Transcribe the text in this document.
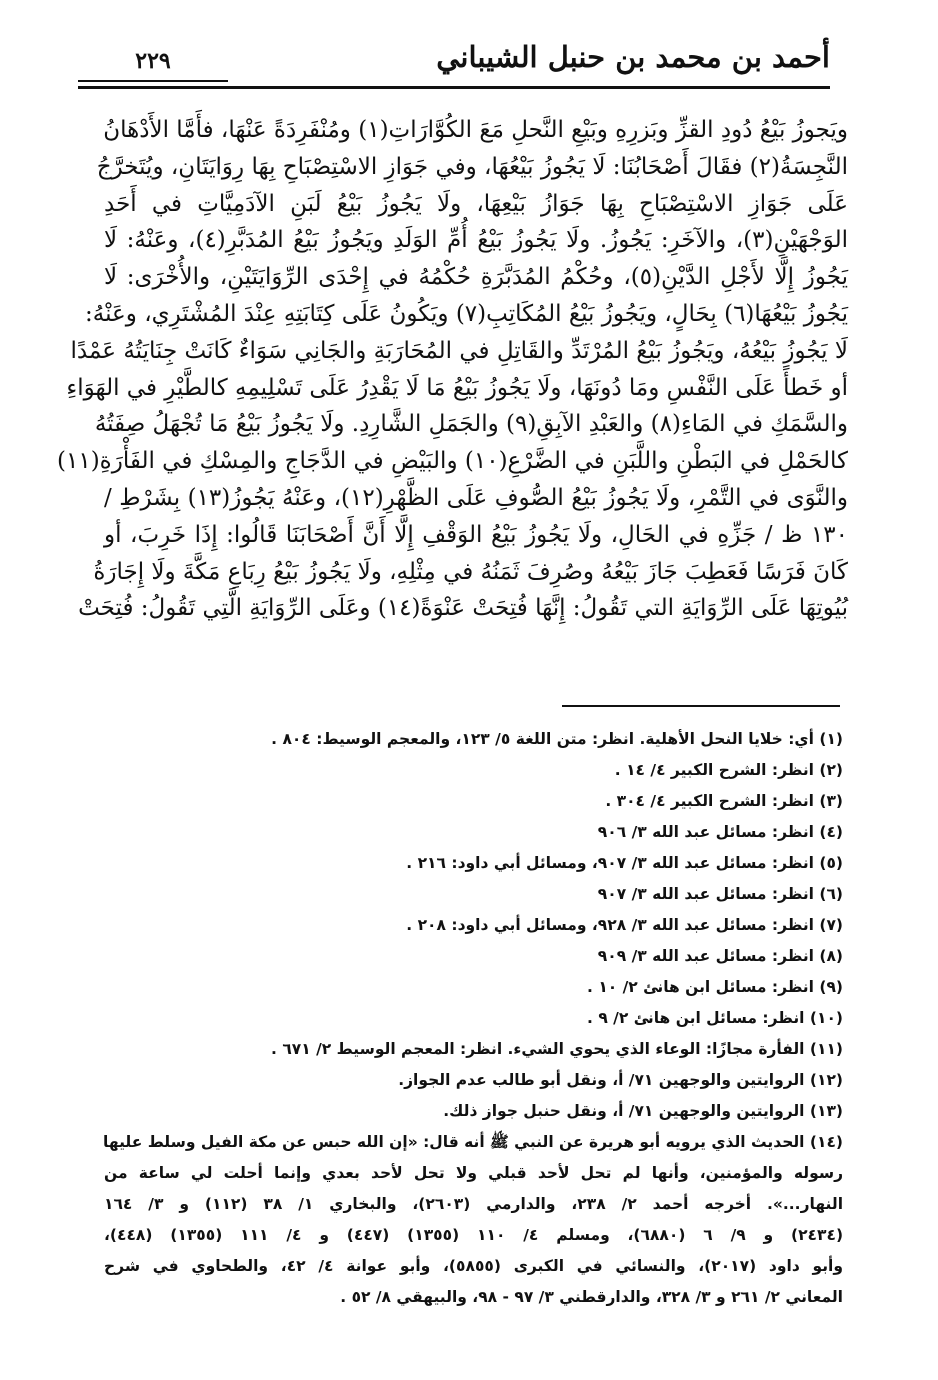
أحمد بن محمد بن حنبل الشيباني
٢٢٩

ويَجوزُ بَيْعُ دُودِ القزِّ وبَزرِهِ وبَيْعِ النَّحلِ مَعَ الكُوَّارَاتِ(١) ومُنْفَرِدَةً عَنْهَا، فأَمَّا الأَدْهَانُ

النَّجِسَةُ(٢) فقَالَ أَصْحَابُنَا: لَا يَجُوزُ بَيْعُهَا، وفي جَوَازِ الاسْتِصْبَاحِ بِهَا رِوَايَتَانِ، ويُتَخرَّجُ

عَلَى جَوَازِ الاسْتِصْبَاحِ بِهَا جَوَازُ بَيْعِهَا، ولَا يَجُوزُ بَيْعُ لَبَنِ الآدَمِيَّاتِ في أَحَدِ

الوَجْهَيْنِ(٣)، والآخَرِ: يَجُوزُ. ولَا يَجُوزُ بَيْعُ أُمِّ الوَلَدِ ويَجُوزُ بَيْعُ المُدَبَّرِ(٤)، وعَنْهُ: لَا

يَجُوزُ إِلَّا لأَجْلِ الدَّيْنِ(٥)، وحُكْمُ المُدَبَّرَةِ حُكْمُهُ في إِحْدَى الرِّوَايَتَيْنِ، والأُخْرَى: لَا

يَجُوزُ بَيْعُهَا(٦) بِحَالٍ، ويَجُوزُ بَيْعُ المُكَاتِبِ(٧) ويَكُونُ عَلَى كِتَابَتِهِ عِنْدَ المُشْتَرِي، وعَنْهُ:

لَا يَجُوزُ بَيْعُهُ، ويَجُوزُ بَيْعُ المُرْتَدِّ والقَاتِلِ في المُحَارَبَةِ والجَانِي سَوَاءٌ كَانَتْ جِنَايَتُهُ عَمْدًا

أو خَطأً عَلَى النَّفْسِ ومَا دُونَهَا، ولَا يَجُوزُ بَيْعُ مَا لَا يَقْدِرُ عَلَى تَسْلِيمِهِ كالطَّيْرِ في الهَوَاءِ

والسَّمَكِ في المَاءِ(٨) والعَبْدِ الآبِقِ(٩) والجَمَلِ الشَّارِدِ. ولَا يَجُوزُ بَيْعُ مَا تُجْهَلُ صِفَتُهُ

كالحَمْلِ في البَطْنِ واللَّبَنِ في الضَّرْعِ(١٠) والبَيْضِ في الدَّجَاجِ والمِسْكِ في الفَأْرَةِ(١١)

والنَّوَى في التَّمْرِ، ولَا يَجُوزُ بَيْعُ الصُّوفِ عَلَى الظَّهْرِ(١٢)، وعَنْهُ يَجُوزُ(١٣) بِشَرْطِ /

١٣٠ ظ / جَزِّهِ في الحَالِ، ولَا يَجُوزُ بَيْعُ الوَقْفِ إِلَّا أَنَّ أَصْحَابَنَا قَالُوا: إِذَا خَرِبَ، أو

كَانَ فَرَسًا فَعَطِبَ جَازَ بَيْعُهُ وصُرِفَ ثَمَنُهُ في مِثْلِهِ، ولَا يَجُوزُ بَيْعُ رِبَاعِ مَكَّةَ ولَا إِجَارَةُ

بُيُوتِهَا عَلَى الرِّوَايَةِ التي تَقُولُ: إِنَّهَا فُتِحَتْ عَنْوَةً(١٤) وعَلَى الرِّوَايَةِ الَّتِي تَقُولُ: فُتِحَتْ

(١) أي: خلايا النحل الأهلية. انظر: متن اللغة ٥/ ١٢٣، والمعجم الوسيط: ٨٠٤ .

(٢) انظر: الشرح الكبير ٤/ ١٤ .

(٣) انظر: الشرح الكبير ٤/ ٣٠٤ .

(٤) انظر: مسائل عبد الله ٣/ ٩٠٦

(٥) انظر: مسائل عبد الله ٣/ ٩٠٧، ومسائل أبي داود: ٢١٦ .

(٦) انظر: مسائل عبد الله ٣/ ٩٠٧

(٧) انظر: مسائل عبد الله ٣/ ٩٢٨، ومسائل أبي داود: ٢٠٨ .

(٨) انظر: مسائل عبد الله ٣/ ٩٠٩

(٩) انظر: مسائل ابن هانئ ٢/ ١٠ .

(١٠) انظر: مسائل ابن هانئ ٢/ ٩ .

(١١) الفأرة مجازًا: الوعاء الذي يحوي الشيء. انظر: المعجم الوسيط ٢/ ٦٧١ .

(١٢) الروايتين والوجهين ٧١/ أ، ونقل أبو طالب عدم الجواز.

(١٣) الروايتين والوجهين ٧١/ أ، ونقل حنبل جواز ذلك.

(١٤) الحديث الذي يرويه أبو هريرة عن النبي ﷺ أنه قال: «إن الله حبس عن مكة الفيل وسلط عليها
رسوله والمؤمنين، وأنها لم تحل لأحد قبلي ولا تحل لأحد بعدي وإنما أحلت لي ساعة من
النهار...». أخرجه أحمد ٢/ ٢٣٨، والدارمي (٢٦٠٣)، والبخاري ١/ ٣٨ (١١٢) و ٣/ ١٦٤
(٢٤٣٤) و ٩/ ٦ (٦٨٨٠)، ومسلم ٤/ ١١٠ (١٣٥٥) (٤٤٧) و ٤/ ١١١ (١٣٥٥) (٤٤٨)،
وأبو داود (٢٠١٧)، والنسائي في الكبرى (٥٨٥٥)، وأبو عوانة ٤/ ٤٢، والطحاوي في شرح
المعاني ٢/ ٢٦١ و ٣/ ٣٢٨، والدارقطني ٣/ ٩٧ - ٩٨، والبيهقي ٨/ ٥٢ .
